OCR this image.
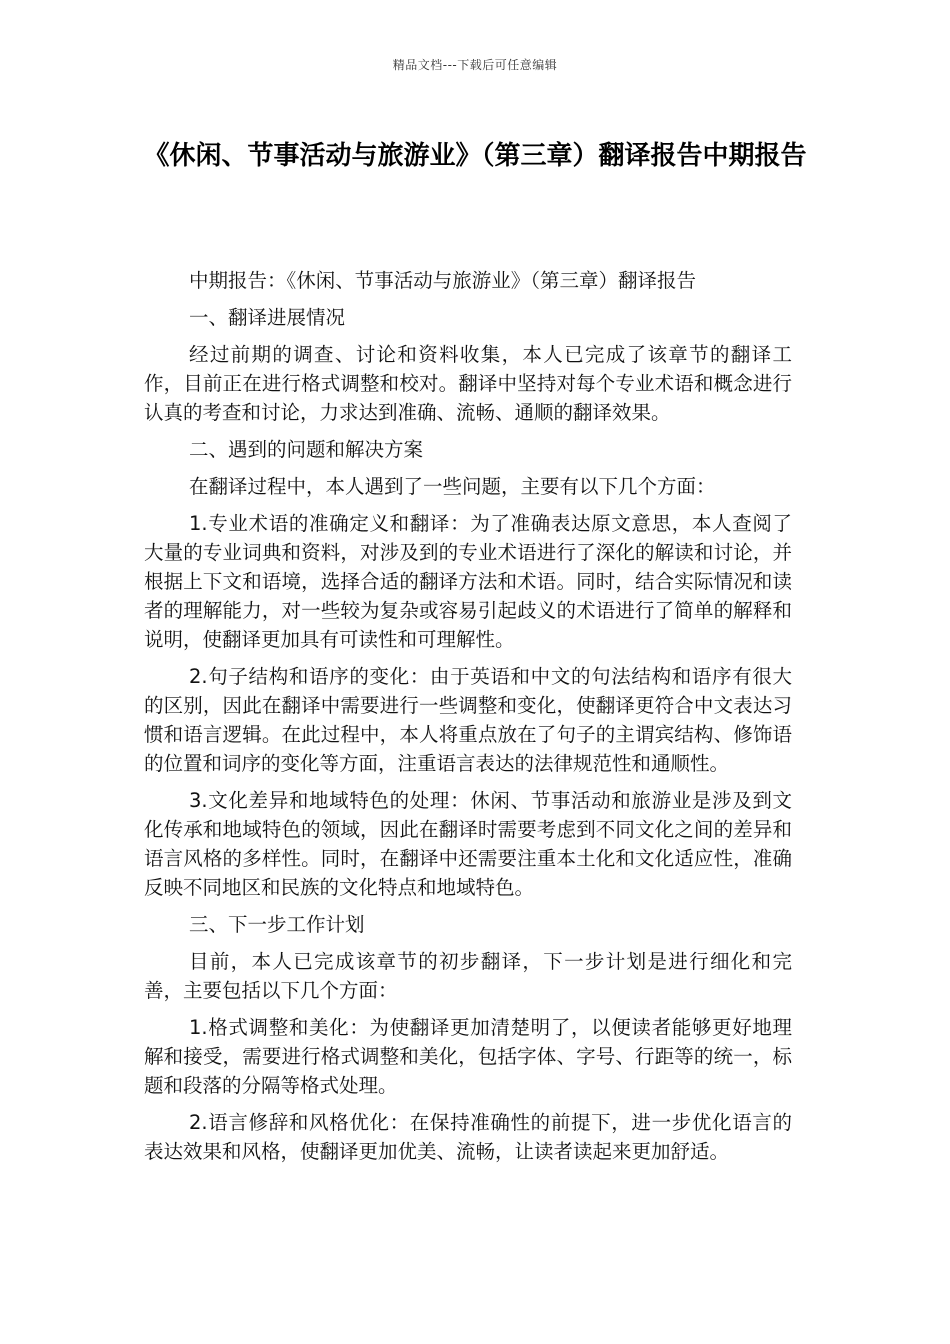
精品文档---下载后可任意编辑
《休闲、节事活动与旅游业》（第三章）翻译报告中期报告

中期报告：《休闲、节事活动与旅游业》（第三章）翻译报告

一、翻译进展情况

经过前期的调查、讨论和资料收集，本人已完成了该章节的翻译工作，目前正在进行格式调整和校对。翻译中坚持对每个专业术语和概念进行认真的考查和讨论，力求达到准确、流畅、通顺的翻译效果。

二、遇到的问题和解决方案

在翻译过程中，本人遇到了一些问题，主要有以下几个方面：

1.专业术语的准确定义和翻译：为了准确表达原文意思，本人查阅了大量的专业词典和资料，对涉及到的专业术语进行了深化的解读和讨论，并根据上下文和语境，选择合适的翻译方法和术语。同时，结合实际情况和读者的理解能力，对一些较为复杂或容易引起歧义的术语进行了简单的解释和说明，使翻译更加具有可读性和可理解性。

2.句子结构和语序的变化：由于英语和中文的句法结构和语序有很大的区别，因此在翻译中需要进行一些调整和变化，使翻译更符合中文表达习惯和语言逻辑。在此过程中，本人将重点放在了句子的主谓宾结构、修饰语的位置和词序的变化等方面，注重语言表达的法律规范性和通顺性。

3.文化差异和地域特色的处理：休闲、节事活动和旅游业是涉及到文化传承和地域特色的领域，因此在翻译时需要考虑到不同文化之间的差异和语言风格的多样性。同时，在翻译中还需要注重本土化和文化适应性，准确反映不同地区和民族的文化特点和地域特色。

三、下一步工作计划

目前，本人已完成该章节的初步翻译，下一步计划是进行细化和完善，主要包括以下几个方面：

1.格式调整和美化：为使翻译更加清楚明了，以便读者能够更好地理解和接受，需要进行格式调整和美化，包括字体、字号、行距等的统一，标题和段落的分隔等格式处理。

2.语言修辞和风格优化：在保持准确性的前提下，进一步优化语言的表达效果和风格，使翻译更加优美、流畅，让读者读起来更加舒适。
